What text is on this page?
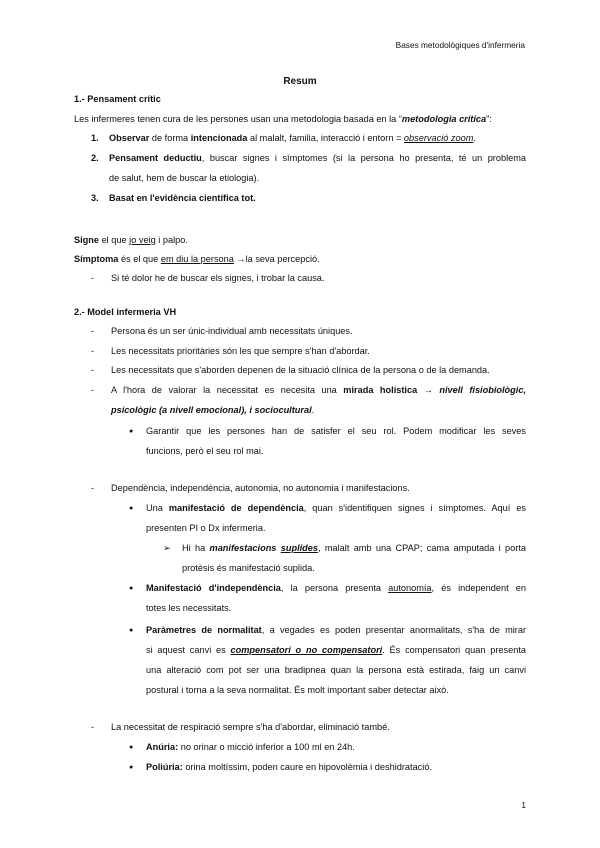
Bases metodològiques d'infermeria
Resum
1.- Pensament crític
Les infermeres tenen cura de les persones usan una metodologia basada en la “metodologia crítica”:
1. Observar de forma intencionada al malalt, familia, interacció i entorn = observació zoom.
2. Pensament deductiu, buscar signes i símptomes (si la persona ho presenta, té un problema
de salut, hem de buscar la etiologia).
3. Basat en l'evidència científica tot.
Signe el que jo veig i palpo.
Símptoma és el que em diu la persona →la seva percepció.
- Si té dolor he de buscar els signes, i trobar la causa.
2.- Model infermeria VH
- Persona és un ser únic-individual amb necessitats úniques.
- Les necessitats prioritàries són les que sempre s'han d'abordar.
- Les necessitats que s'aborden depenen de la situació clínica de la persona o de la demanda.
- A l'hora de valorar la necessitat es necesita una mirada holística → nivell fisiobiològic,
psicològic (a nivell emocional), i sociocultural.
● Garantir que les persones han de satisfer el seu rol. Podem modificar les seves
funcions, però el seu rol mai.
- Dependència, independència, autonomia, no autonomia i manifestacions.
● Una manifestació de dependència, quan s'identifiquen signes i símptomes. Aquí es
presenten PI o Dx infermeria.
➢ Hi ha manifestacions suplides, malalt amb una CPAP; cama amputada i porta
protèsis és manifestació suplida.
● Manifestació d'independència, la persona presenta autonomía, és independent en
totes les necessitats.
● Paràmetres de normalitat, a vegades es poden presentar anormalitats, s'ha de mirar
si aquest canvi es compensatori o no compensatori. És compensatori quan presenta
una alteració com pot ser una bradipnea quan la persona està estirada, faig un canvi
postural i torna a la seva normalitat. És molt important saber detectar això.
- La necessitat de respiració sempre s'ha d'abordar, eliminació també.
● Anúria: no orinar o micció inferior a 100 ml en 24h.
● Poliúria: orina moltíssim, poden caure en hipovolèmia i deshidratació.
1
